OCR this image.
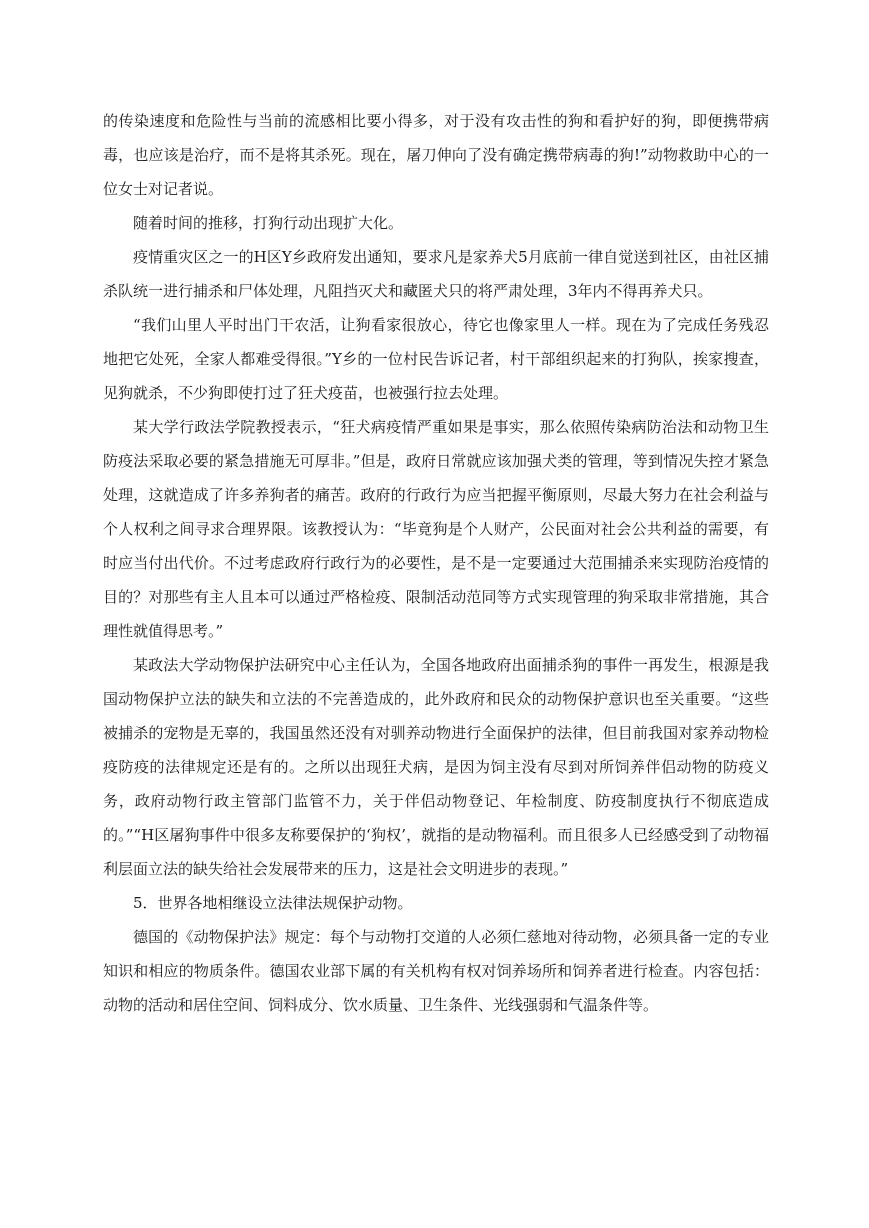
的传染速度和危险性与当前的流感相比要小得多，对于没有攻击性的狗和看护好的狗，即便携带病毒，也应该是治疗，而不是将其杀死。现在，屠刀伸向了没有确定携带病毒的狗!”动物救助中心的一位女士对记者说。

随着时间的推移，打狗行动出现扩大化。

疫情重灾区之一的H区Y乡政府发出通知，要求凡是家养犬5月底前一律自觉送到社区，由社区捕杀队统一进行捕杀和尸体处理，凡阻挡灭犬和藏匿犬只的将严肃处理，3年内不得再养犬只。

“我们山里人平时出门干农活，让狗看家很放心，待它也像家里人一样。现在为了完成任务残忍地把它处死，全家人都难受得很。”Y乡的一位村民告诉记者，村干部组织起来的打狗队，挨家搜查，见狗就杀，不少狗即使打过了狂犬疫苗，也被强行拉去处理。

某大学行政法学院教授表示，“狂犬病疫情严重如果是事实，那么依照传染病防治法和动物卫生防疫法采取必要的紧急措施无可厚非。”但是，政府日常就应该加强犬类的管理，等到情况失控才紧急处理，这就造成了许多养狗者的痛苦。政府的行政行为应当把握平衡原则，尽最大努力在社会利益与个人权利之间寻求合理界限。该教授认为：“毕竟狗是个人财产，公民面对社会公共利益的需要，有时应当付出代价。不过考虑政府行政行为的必要性，是不是一定要通过大范围捕杀来实现防治疫情的目的？对那些有主人且本可以通过严格检疫、限制活动范同等方式实现管理的狗采取非常措施，其合理性就值得思考。”

某政法大学动物保护法研究中心主任认为，全国各地政府出面捕杀狗的事件一再发生，根源是我国动物保护立法的缺失和立法的不完善造成的，此外政府和民众的动物保护意识也至关重要。“这些被捕杀的宠物是无辜的，我国虽然还没有对驯养动物进行全面保护的法律，但目前我国对家养动物检疫防疫的法律规定还是有的。之所以出现狂犬病，是因为饲主没有尽到对所饲养伴侣动物的防疫义务，政府动物行政主管部门监管不力，关于伴侣动物登记、年检制度、防疫制度执行不彻底造成的。”“H区屠狗事件中很多友称要保护的‘狗权’，就指的是动物福利。而且很多人已经感受到了动物福利层面立法的缺失给社会发展带来的压力，这是社会文明进步的表现。”

5．世界各地相继设立法律法规保护动物。

德国的《动物保护法》规定：每个与动物打交道的人必须仁慈地对待动物，必须具备一定的专业知识和相应的物质条件。德国农业部下属的有关机构有权对饲养场所和饲养者进行检查。内容包括：动物的活动和居住空间、饲料成分、饮水质量、卫生条件、光线强弱和气温条件等。
